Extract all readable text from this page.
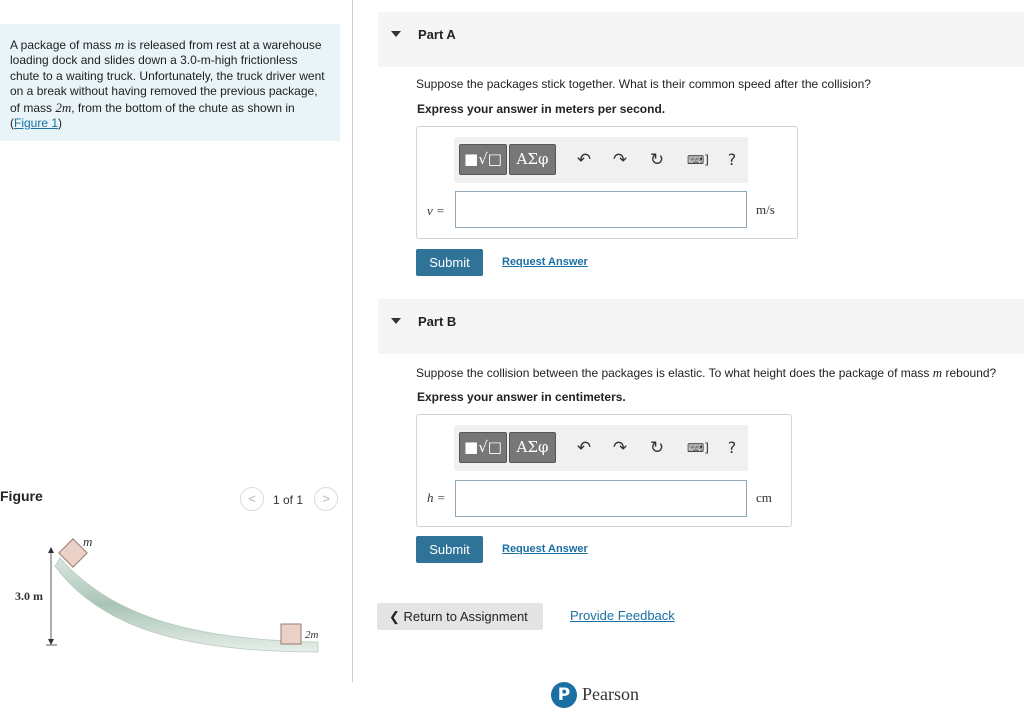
A package of mass m is released from rest at a warehouse loading dock and slides down a 3.0-m-high frictionless chute to a waiting truck. Unfortunately, the truck driver went on a break without having removed the previous package, of mass 2m, from the bottom of the chute as shown in (Figure 1)
Figure	<	1 of 1	>
m
2m
3.0 m
Part A
Suppose the packages stick together. What is their common speed after the collision?
Express your answer in meters per second.
■√□ ΑΣφ	↶ ↷ ↻ ⌨]	?
v =	m/s
Submit	Request Answer
Part B
Suppose the collision between the packages is elastic. To what height does the package of mass m rebound?
Express your answer in centimeters.
■√□ ΑΣφ	↶ ↷ ↻ ⌨]	?
h =	cm
Submit	Request Answer
❮ Return to Assignment	Provide Feedback
P Pearson
